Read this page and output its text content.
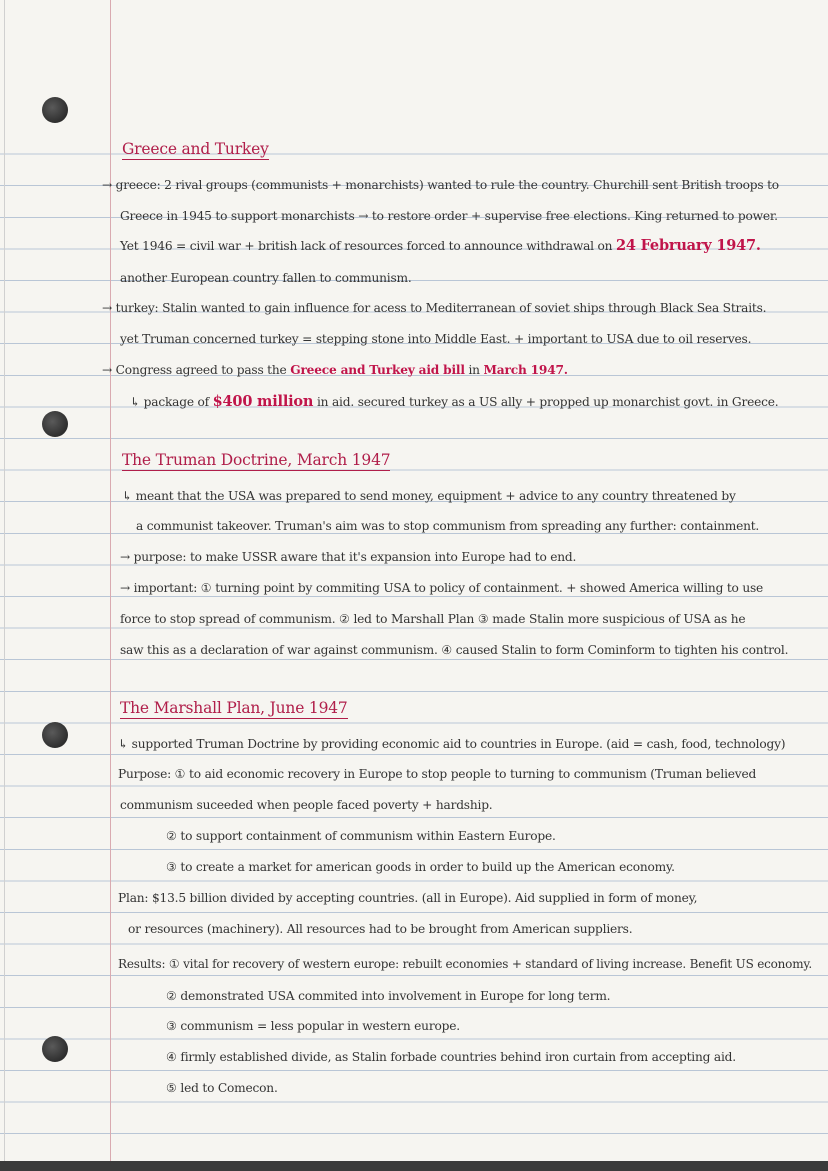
Greece and Turkey
→ greece: 2 rival groups (communists + monarchists) wanted to rule the country. Churchill sent British troops to
Greece in 1945 to support monarchists → to restore order + supervise free elections. King returned to power.
Yet 1946 = civil war + british lack of resources forced to announce withdrawal on 24 February 1947.
another European country fallen to communism.
→ turkey: Stalin wanted to gain influence for acess to Mediterranean of soviet ships through Black Sea Straits.
yet Truman concerned turkey = stepping stone into Middle East. + important to USA due to oil reserves.
→ Congress agreed to pass the Greece and Turkey aid bill in March 1947.
↳ package of $400 million in aid. secured turkey as a US ally + propped up monarchist govt. in Greece.
The Truman Doctrine, March 1947
↳ meant that the USA was prepared to send money, equipment + advice to any country threatened by
a communist takeover. Truman's aim was to stop communism from spreading any further: containment.
→ purpose: to make USSR aware that it's expansion into Europe had to end.
→ important: ① turning point by commiting USA to policy of containment. + showed America willing to use
force to stop spread of communism. ② led to Marshall Plan ③ made Stalin more suspicious of USA as he
saw this as a declaration of war against communism. ④ caused Stalin to form Cominform to tighten his control.
The Marshall Plan, June 1947
↳ supported Truman Doctrine by providing economic aid to countries in Europe. (aid = cash, food, technology)
Purpose: ① to aid economic recovery in Europe to stop people to turning to communism (Truman believed
communism suceeded when people faced poverty + hardship.
② to support containment of communism within Eastern Europe.
③ to create a market for american goods in order to build up the American economy.
Plan: $13.5 billion divided by accepting countries. (all in Europe). Aid supplied in form of money,
or resources (machinery). All resources had to be brought from American suppliers.
Results: ① vital for recovery of western europe: rebuilt economies + standard of living increase. Benefit US economy.
② demonstrated USA commited into involvement in Europe for long term.
③ communism = less popular in western europe.
④ firmly established divide, as Stalin forbade countries behind iron curtain from accepting aid.
⑤ led to Comecon.
